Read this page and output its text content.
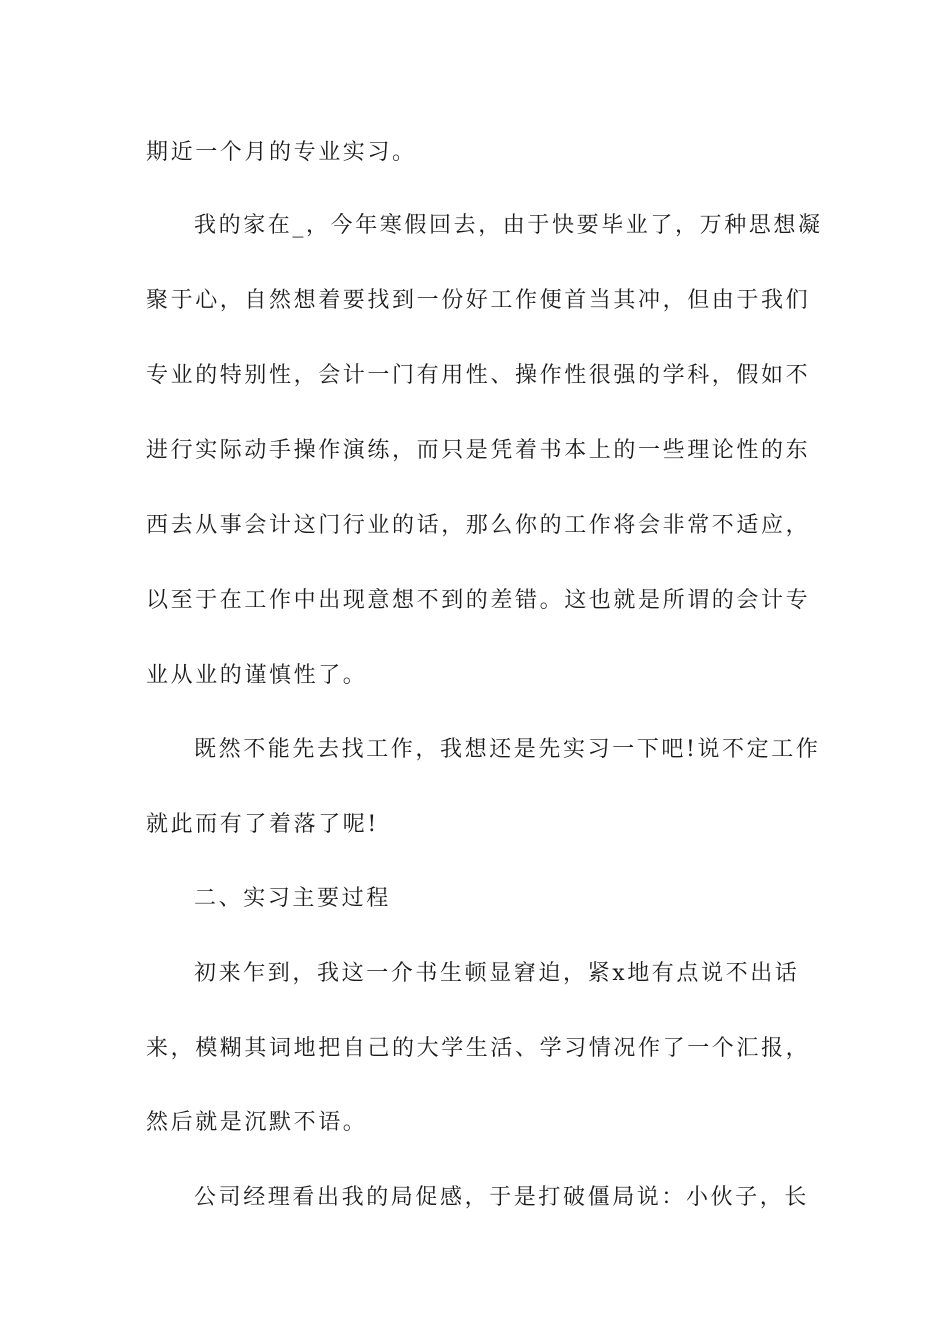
期近一个月的专业实习。
我的家在_，今年寒假回去，由于快要毕业了，万种思想凝
聚于心，自然想着要找到一份好工作便首当其冲，但由于我们
专业的特别性，会计一门有用性、操作性很强的学科，假如不
进行实际动手操作演练，而只是凭着书本上的一些理论性的东
西去从事会计这门行业的话，那么你的工作将会非常不适应，
以至于在工作中出现意想不到的差错。这也就是所谓的会计专
业从业的谨慎性了。
既然不能先去找工作，我想还是先实习一下吧!说不定工作
就此而有了着落了呢!
二、实习主要过程
初来乍到，我这一介书生顿显窘迫，紧x地有点说不出话
来，模糊其词地把自己的大学生活、学习情况作了一个汇报，
然后就是沉默不语。
公司经理看出我的局促感，于是打破僵局说：小伙子，长
